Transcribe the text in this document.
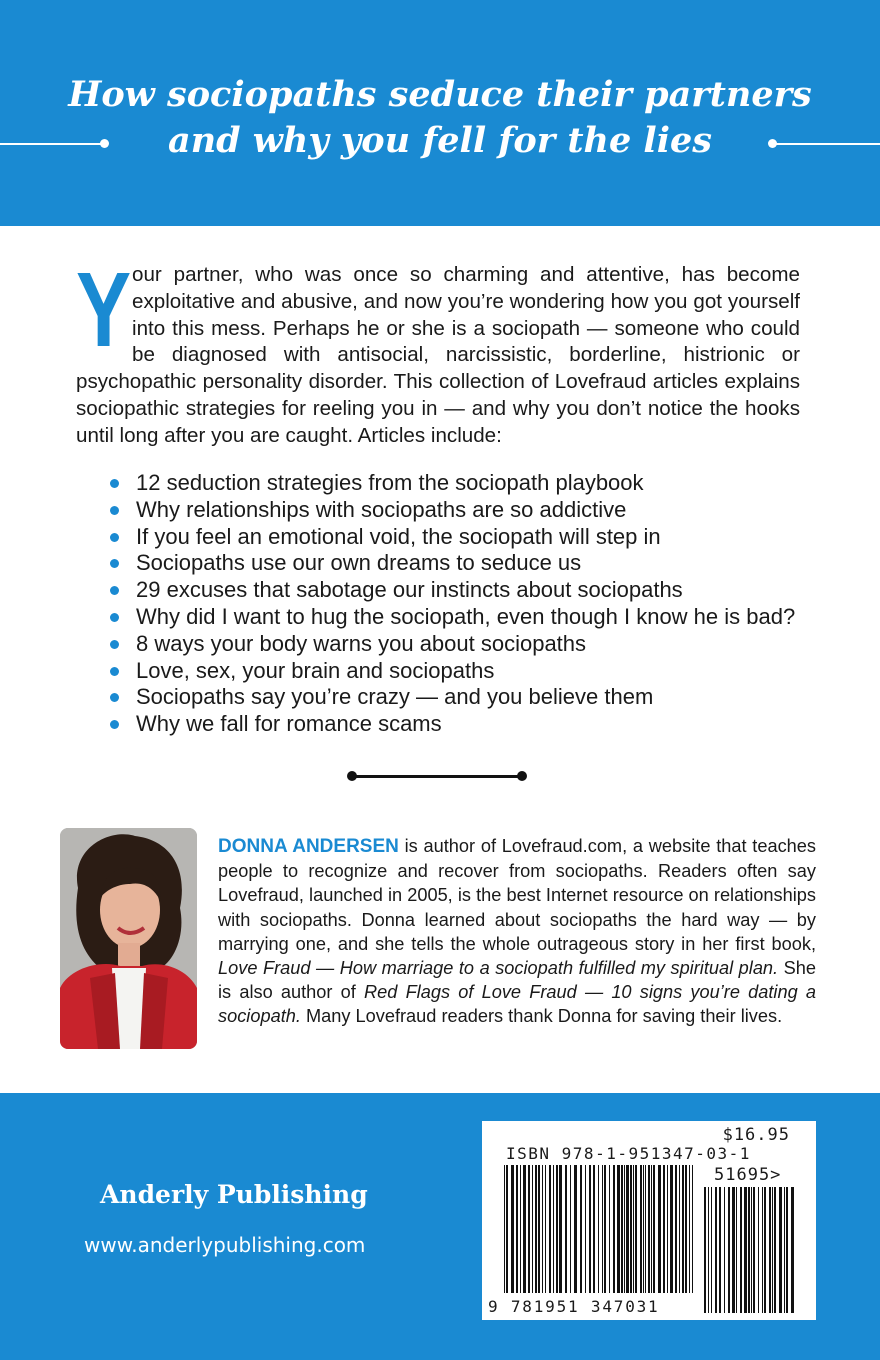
How sociopaths seduce their partners
and why you fell for the lies
Your partner, who was once so charming and attentive, has become exploitative and abusive, and now you’re wondering how you got yourself into this mess. Perhaps he or she is a sociopath — someone who could be diagnosed with antisocial, narcissistic, borderline, histrionic or psychopathic personality disorder. This collection of Lovefraud articles explains sociopathic strategies for reeling you in — and why you don’t notice the hooks until long after you are caught. Articles include:
12 seduction strategies from the sociopath playbook
Why relationships with sociopaths are so addictive
If you feel an emotional void, the sociopath will step in
Sociopaths use our own dreams to seduce us
29 excuses that sabotage our instincts about sociopaths
Why did I want to hug the sociopath, even though I know he is bad?
8 ways your body warns you about sociopaths
Love, sex, your brain and sociopaths
Sociopaths say you’re crazy — and you believe them
Why we fall for romance scams
DONNA ANDERSEN is author of Lovefraud.com, a website that teaches people to recognize and recover from sociopaths. Readers often say Lovefraud, launched in 2005, is the best Internet resource on relationships with sociopaths. Donna learned about sociopaths the hard way — by marrying one, and she tells the whole outrageous story in her first book, Love Fraud — How marriage to a sociopath fulfilled my spiritual plan. She is also author of Red Flags of Love Fraud — 10 signs you’re dating a sociopath. Many Lovefraud readers thank Donna for saving their lives.
Anderly Publishing
www.anderlypublishing.com
$16.95
ISBN 978-1-951347-03-1
51695>
9 781951 347031
